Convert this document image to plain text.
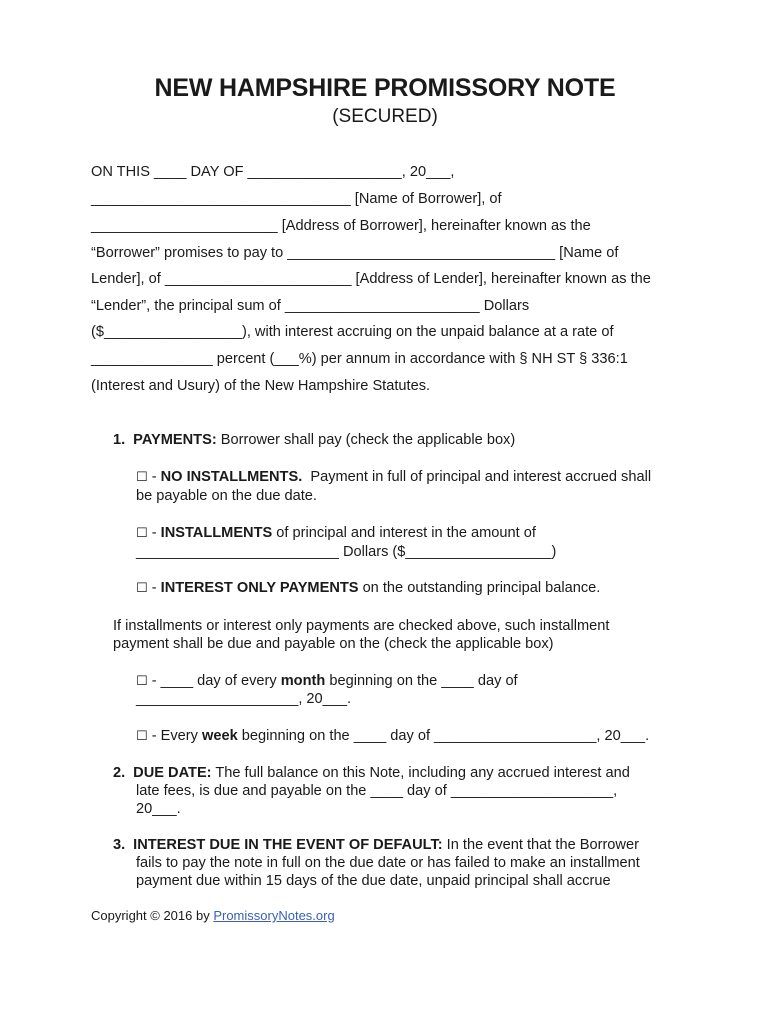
NEW HAMPSHIRE PROMISSORY NOTE
(SECURED)
ON THIS ____ DAY OF ___________________, 20___,
________________________________ [Name of Borrower], of
_______________________ [Address of Borrower], hereinafter known as the
“Borrower” promises to pay to _________________________________ [Name of
Lender], of _______________________ [Address of Lender], hereinafter known as the
“Lender”, the principal sum of ________________________ Dollars
($_________________), with interest accruing on the unpaid balance at a rate of
_______________ percent (___%) per annum in accordance with § NH ST § 336:1
(Interest and Usury) of the New Hampshire Statutes.
1. PAYMENTS: Borrower shall pay (check the applicable box)
☐ - NO INSTALLMENTS.  Payment in full of principal and interest accrued shall
be payable on the due date.
☐ - INSTALLMENTS of principal and interest in the amount of
_________________________ Dollars ($__________________)
☐ - INTEREST ONLY PAYMENTS on the outstanding principal balance.
If installments or interest only payments are checked above, such installment
payment shall be due and payable on the (check the applicable box)
☐ - ____ day of every month beginning on the ____ day of
____________________, 20___.
☐ - Every week beginning on the ____ day of ____________________, 20___.
2. DUE DATE: The full balance on this Note, including any accrued interest and
late fees, is due and payable on the ____ day of ____________________,
20___.
3. INTEREST DUE IN THE EVENT OF DEFAULT: In the event that the Borrower
fails to pay the note in full on the due date or has failed to make an installment
payment due within 15 days of the due date, unpaid principal shall accrue
Copyright © 2016 by PromissoryNotes.org
